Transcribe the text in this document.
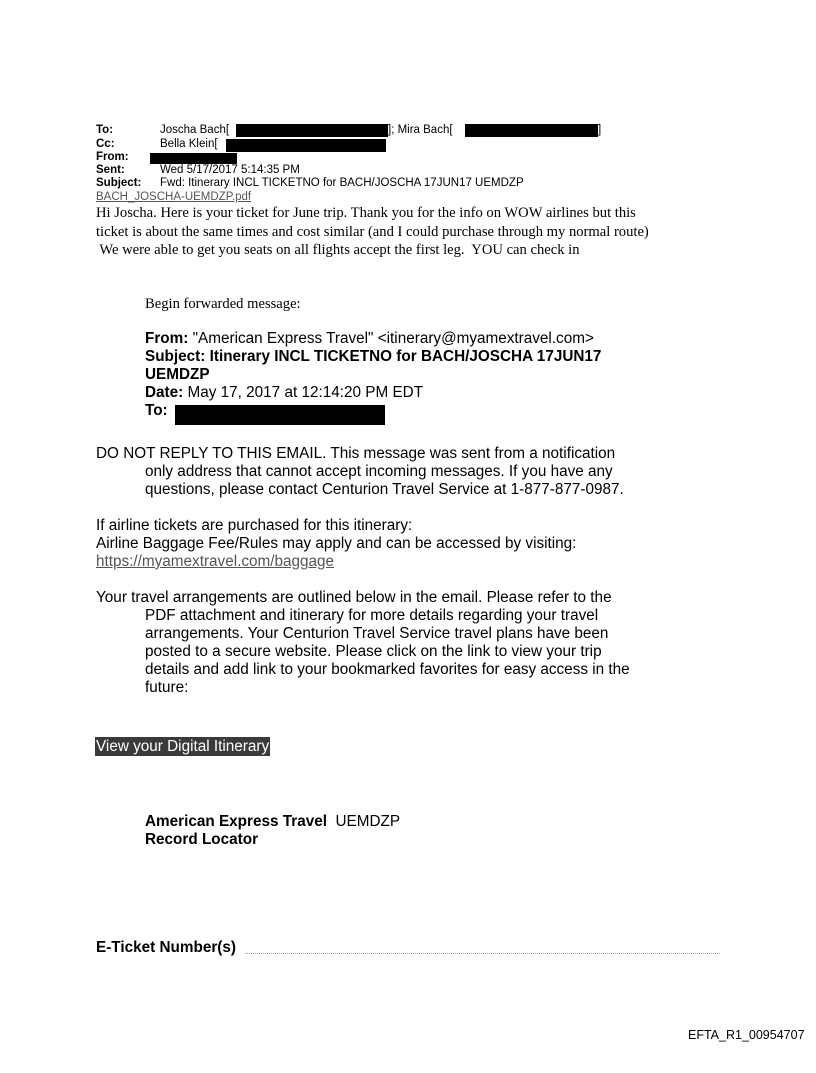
To:	Joscha Bach[	]; Mira Bach[	]
Cc:	Bella Klein[
From:
Sent:	Wed 5/17/2017 5:14:35 PM
Subject: Fwd: Itinerary INCL TICKETNO for BACH/JOSCHA 17JUN17 UEMDZP
BACH_JOSCHA-UEMDZP.pdf
Hi Joscha. Here is your ticket for June trip. Thank you for the info on WOW airlines but this
ticket is about the same times and cost similar (and I could purchase through my normal route)
We were able to get you seats on all flights accept the first leg.  YOU can check in
Begin forwarded message:
From: "American Express Travel" <itinerary@myamextravel.com>
Subject: Itinerary INCL TICKETNO for BACH/JOSCHA 17JUN17
UEMDZP
Date: May 17, 2017 at 12:14:20 PM EDT
To:
DO NOT REPLY TO THIS EMAIL. This message was sent from a notification
only address that cannot accept incoming messages. If you have any
questions, please contact Centurion Travel Service at 1-877-877-0987.
If airline tickets are purchased for this itinerary:
Airline Baggage Fee/Rules may apply and can be accessed by visiting:
https://myamextravel.com/baggage
Your travel arrangements are outlined below in the email. Please refer to the
PDF attachment and itinerary for more details regarding your travel
arrangements. Your Centurion Travel Service travel plans have been
posted to a secure website. Please click on the link to view your trip
details and add link to your bookmarked favorites for easy access in the
future:
View your Digital Itinerary
American Express Travel UEMDZP
Record Locator
E-Ticket Number(s)
EFTA_R1_00954707
